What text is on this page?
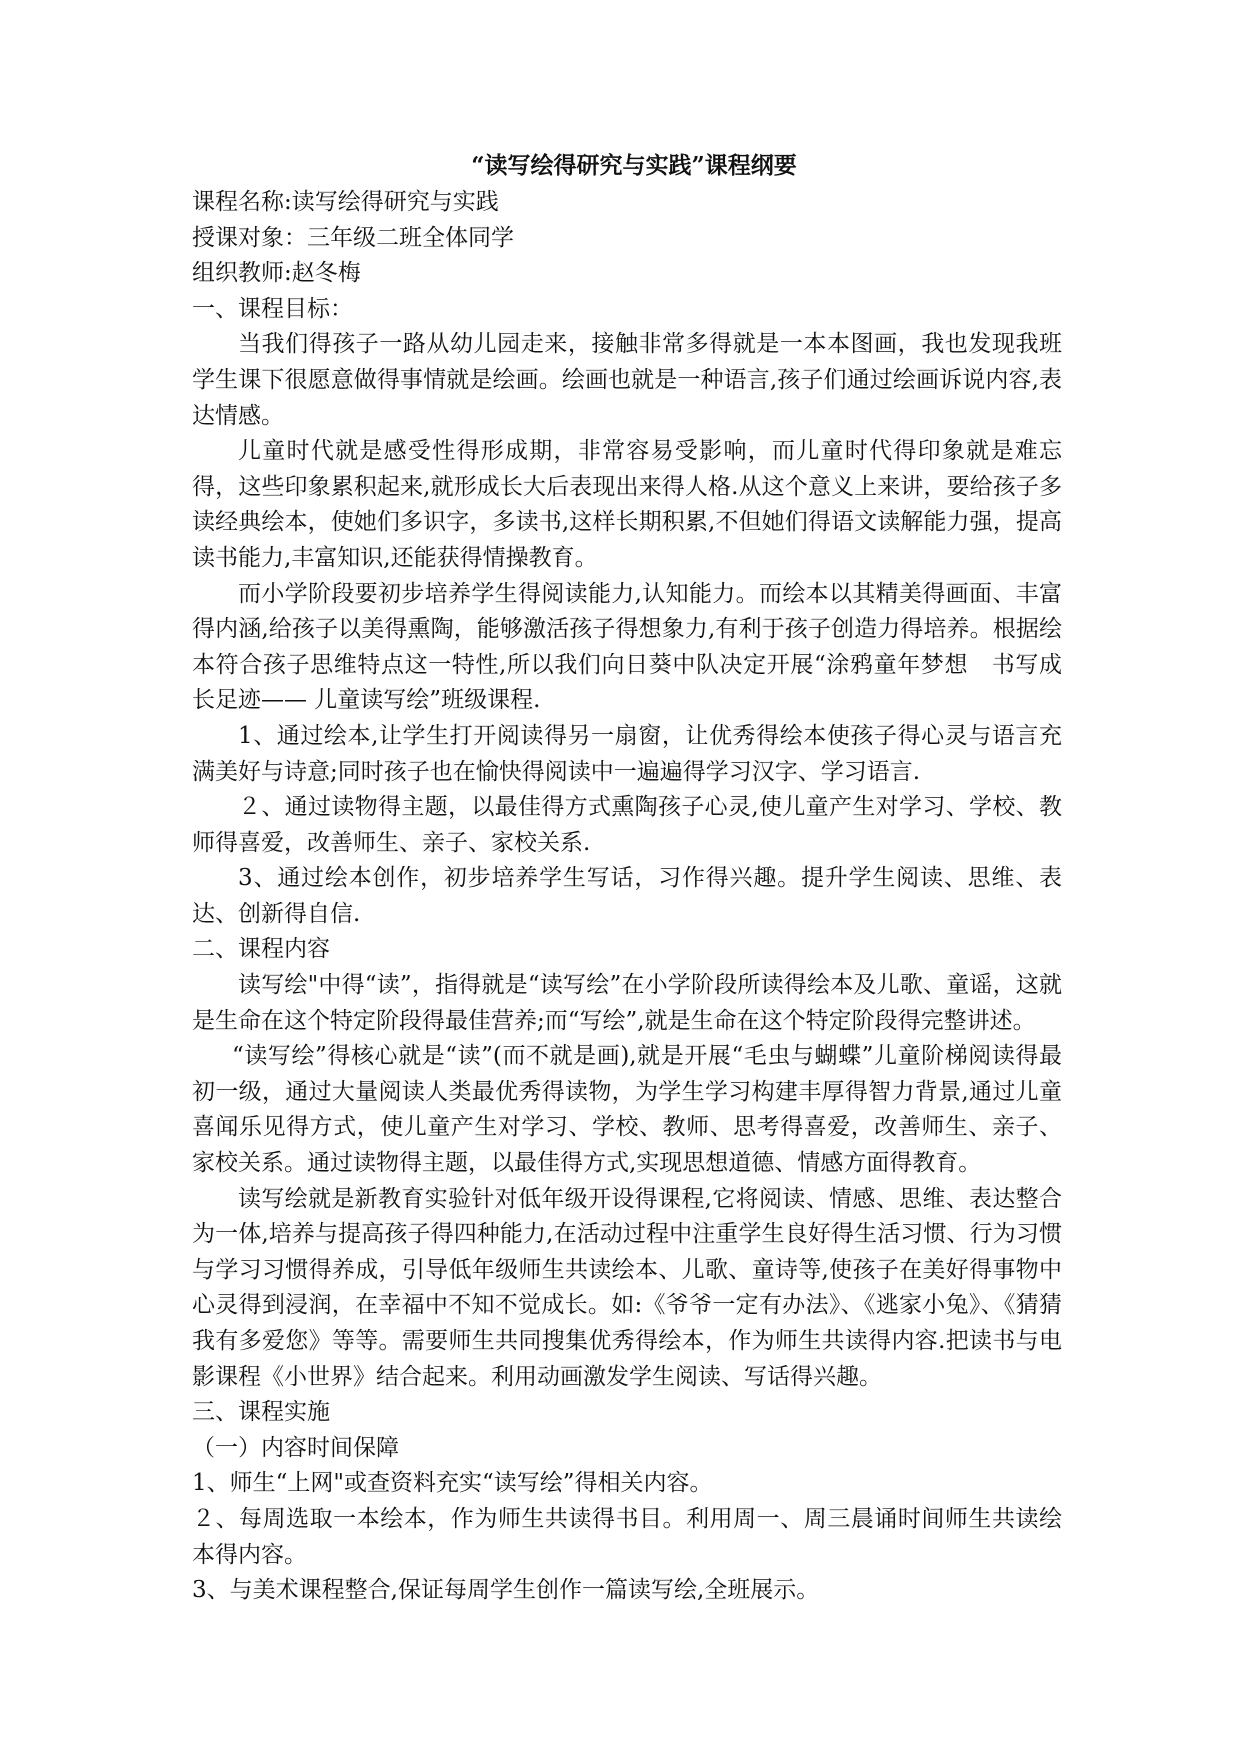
“读写绘得研究与实践”课程纲要
课程名称:读写绘得研究与实践
授课对象：三年级二班全体同学
组织教师:赵冬梅
一、课程目标：
当我们得孩子一路从幼儿园走来，接触非常多得就是一本本图画，我也发现我班学生课下很愿意做得事情就是绘画。绘画也就是一种语言,孩子们通过绘画诉说内容,表达情感。
儿童时代就是感受性得形成期，非常容易受影响，而儿童时代得印象就是难忘得，这些印象累积起来,就形成长大后表现出来得人格.从这个意义上来讲，要给孩子多读经典绘本，使她们多识字，多读书,这样长期积累,不但她们得语文读解能力强，提高读书能力,丰富知识,还能获得情操教育。
而小学阶段要初步培养学生得阅读能力,认知能力。而绘本以其精美得画面、丰富得内涵,给孩子以美得熏陶，能够激活孩子得想象力,有利于孩子创造力得培养。根据绘本符合孩子思维特点这一特性,所以我们向日葵中队决定开展“涂鸦童年梦想　书写成长足迹—— 儿童读写绘”班级课程.
1、通过绘本,让学生打开阅读得另一扇窗，让优秀得绘本使孩子得心灵与语言充满美好与诗意;同时孩子也在愉快得阅读中一遍遍得学习汉字、学习语言.
２、通过读物得主题，以最佳得方式熏陶孩子心灵,使儿童产生对学习、学校、教师得喜爱，改善师生、亲子、家校关系.
3、通过绘本创作，初步培养学生写话，习作得兴趣。提升学生阅读、思维、表达、创新得自信.
二、课程内容
读写绘"中得“读”，指得就是“读写绘”在小学阶段所读得绘本及儿歌、童谣，这就是生命在这个特定阶段得最佳营养;而“写绘”,就是生命在这个特定阶段得完整讲述。
“读写绘”得核心就是“读”(而不就是画),就是开展“毛虫与蝴蝶”儿童阶梯阅读得最初一级，通过大量阅读人类最优秀得读物，为学生学习构建丰厚得智力背景,通过儿童喜闻乐见得方式，使儿童产生对学习、学校、教师、思考得喜爱，改善师生、亲子、家校关系。通过读物得主题，以最佳得方式,实现思想道德、情感方面得教育。
读写绘就是新教育实验针对低年级开设得课程,它将阅读、情感、思维、表达整合为一体,培养与提高孩子得四种能力,在活动过程中注重学生良好得生活习惯、行为习惯与学习习惯得养成，引导低年级师生共读绘本、儿歌、童诗等,使孩子在美好得事物中心灵得到浸润，在幸福中不知不觉成长。如:《爷爷一定有办法》、《逃家小兔》、《猜猜我有多爱您》等等。需要师生共同搜集优秀得绘本，作为师生共读得内容.把读书与电影课程《小世界》结合起来。利用动画激发学生阅读、写话得兴趣。
三、课程实施
（一）内容时间保障
1、师生“上网"或查资料充实“读写绘”得相关内容。
２、每周选取一本绘本，作为师生共读得书目。利用周一、周三晨诵时间师生共读绘本得内容。
3、与美术课程整合,保证每周学生创作一篇读写绘,全班展示。
